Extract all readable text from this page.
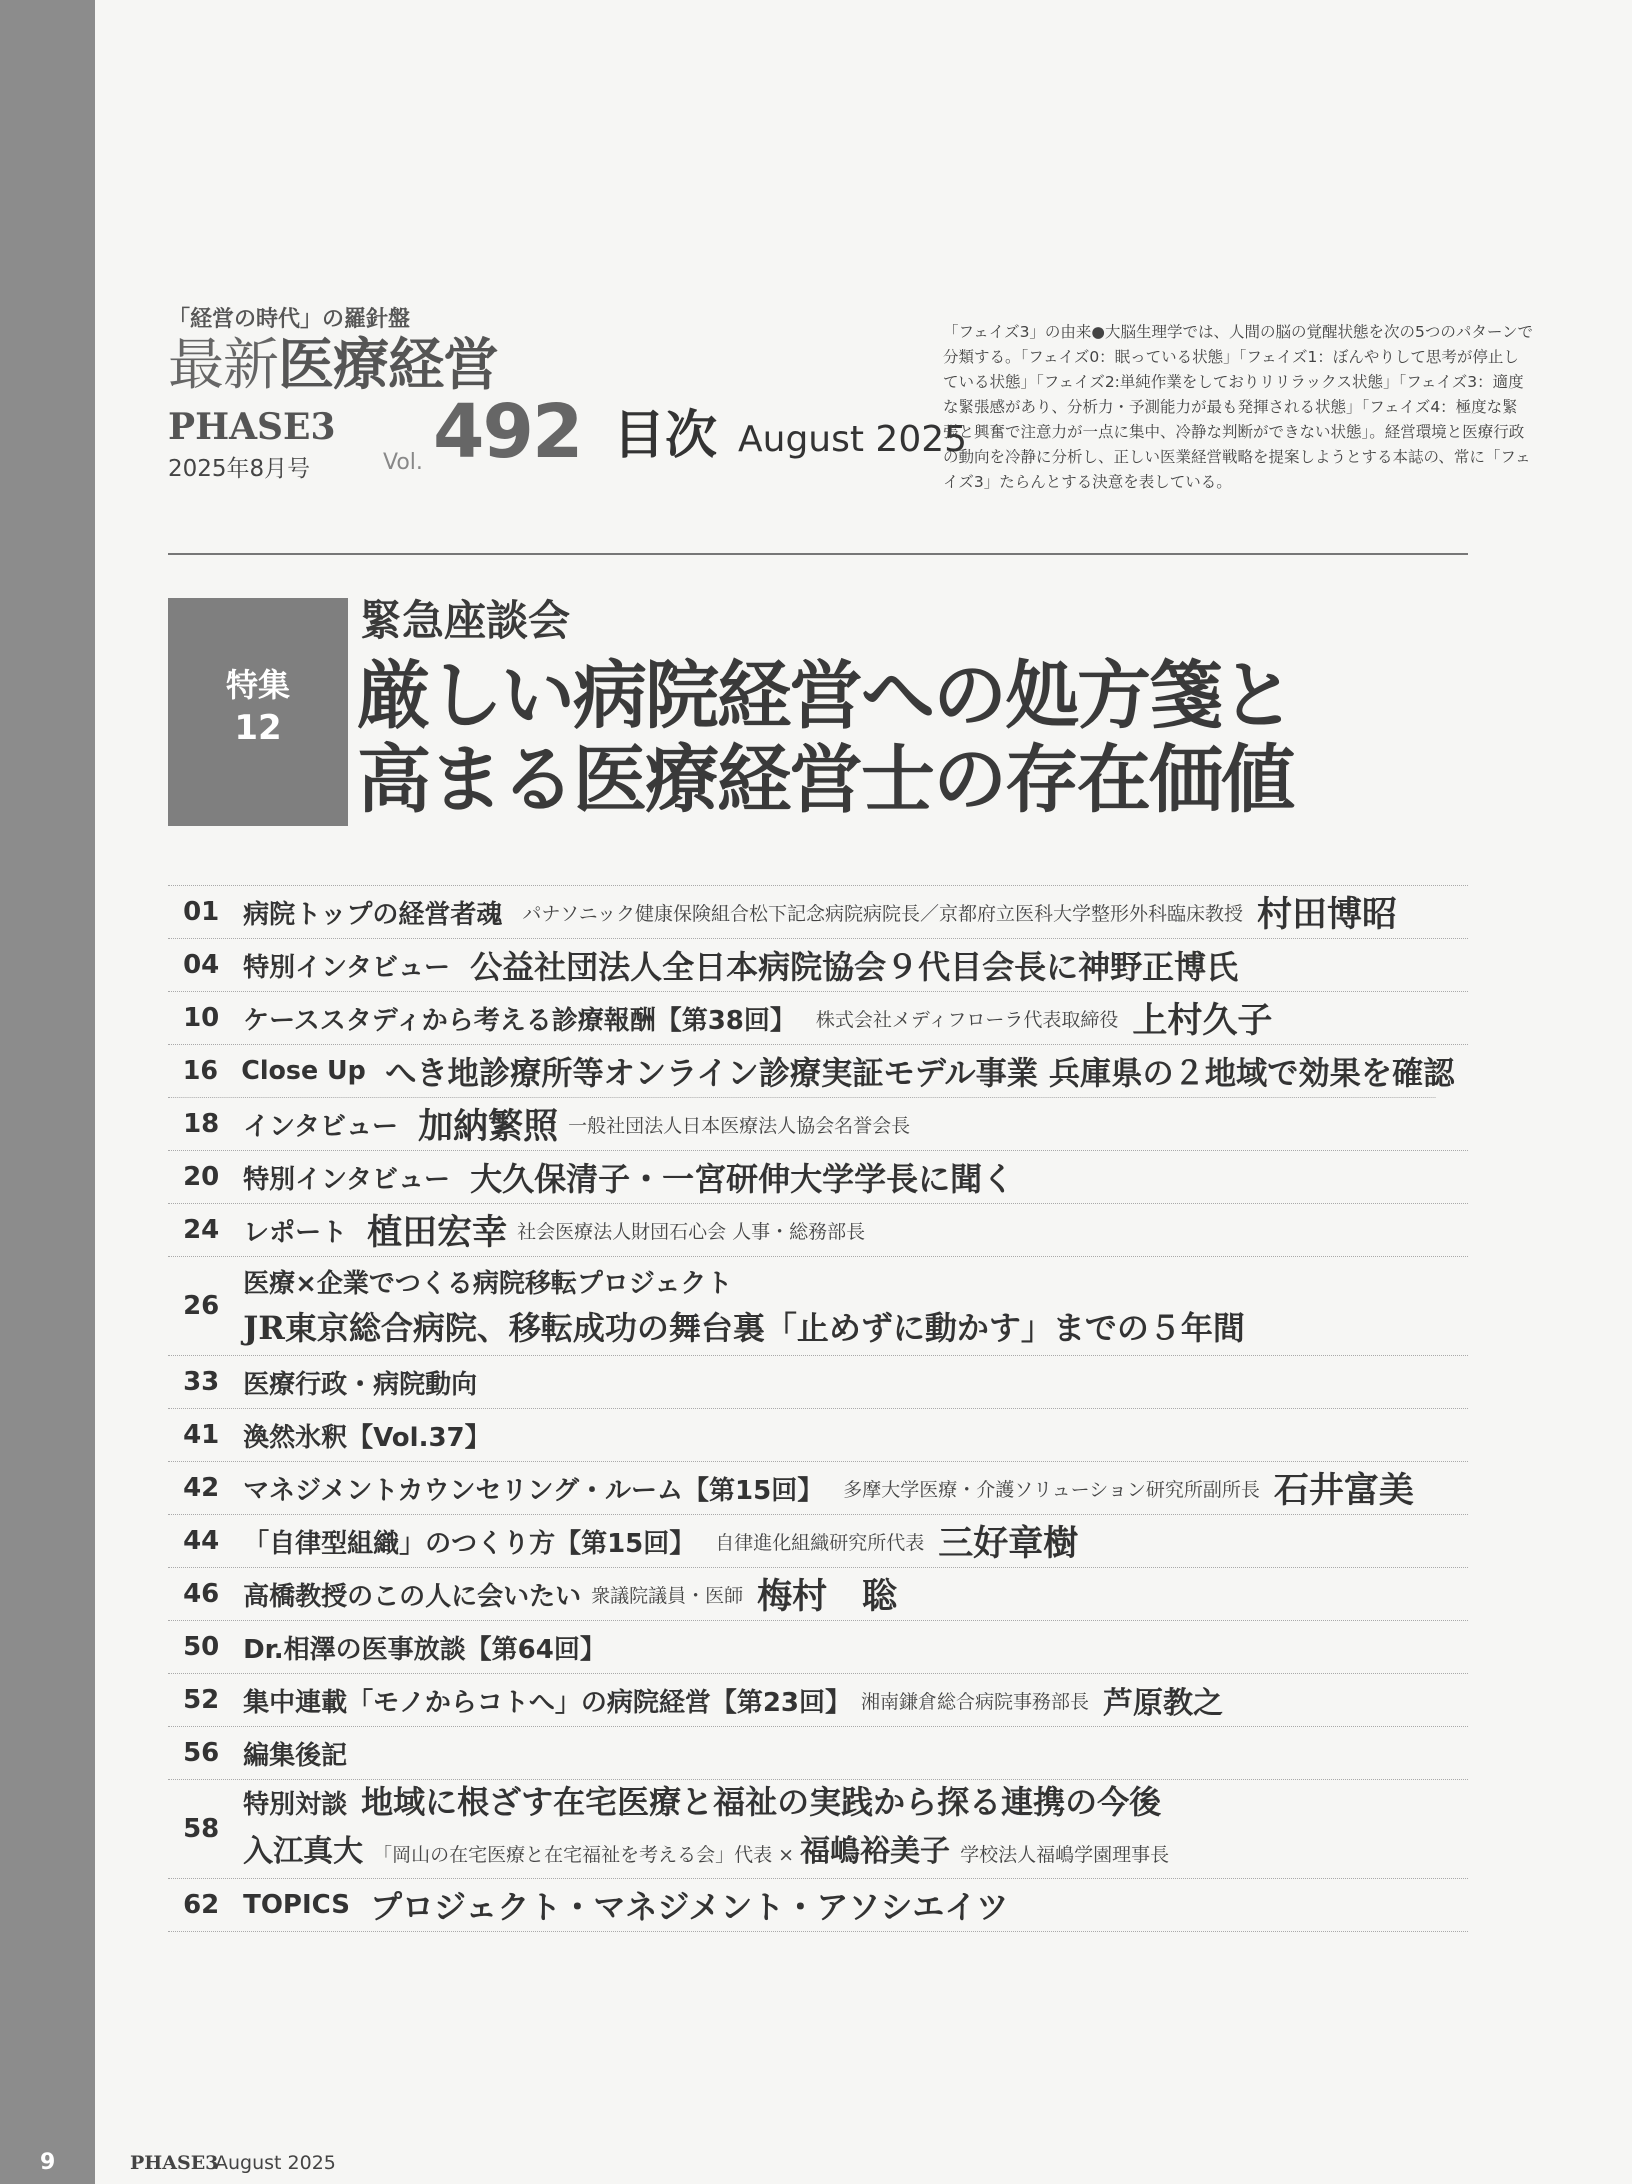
「経営の時代」の羅針盤
最新医療経営
PHASE3
2025年8月号	Vol. 492 目次 August 2025
「フェイズ3」の由来●大脳生理学では、人間の脳の覚醒状態を次の5つのパターンで分類する。「フェイズ0：眠っている状態」「フェイズ1：ぼんやりして思考が停止している状態」「フェイズ2:単純作業をしておりリリラックス状態」「フェイズ3：適度な緊張感があり、分析力・予測能力が最も発揮される状態」「フェイズ4：極度な緊張と興奮で注意力が一点に集中、冷静な判断ができない状態」。経営環境と医療行政の動向を冷静に分析し、正しい医業経営戦略を提案しようとする本誌の、常に「フェイズ3」たらんとする決意を表している。
特集
12
緊急座談会
厳しい病院経営への処方箋と
高まる医療経営士の存在価値
01 病院トップの経営者魂 パナソニック健康保険組合松下記念病院病院長／京都府立医科大学整形外科臨床教授 村田博昭
04 特別インタビュー 公益社団法人全日本病院協会９代目会長に神野正博氏
10 ケーススタディから考える診療報酬【第38回】 株式会社メディフローラ代表取締役 上村久子
16 Close Up へき地診療所等オンライン診療実証モデル事業 兵庫県の２地域で効果を確認
18 インタビュー 加納繁照 一般社団法人日本医療法人協会名誉会長
20 特別インタビュー 大久保清子・一宮研伸大学学長に聞く
24 レポート 植田宏幸 社会医療法人財団石心会 人事・総務部長
26
医療×企業でつくる病院移転プロジェクト
JR東京総合病院、移転成功の舞台裏「止めずに動かす」までの５年間
33 医療行政・病院動向
41 渙然氷釈【Vol.37】
42 マネジメントカウンセリング・ルーム【第15回】 多摩大学医療・介護ソリューション研究所副所長 石井富美
44 「自律型組織」のつくり方【第15回】 自律進化組織研究所代表 三好章樹
46 高橋教授のこの人に会いたい 衆議院議員・医師 梅村　聡
50 Dr.相澤の医事放談【第64回】
52 集中連載「モノからコトへ」の病院経営【第23回】 湘南鎌倉総合病院事務部長 芦原教之
56 編集後記
58
特別対談 地域に根ざす在宅医療と福祉の実践から探る連携の今後
入江真大 「岡山の在宅医療と在宅福祉を考える会」代表 × 福嶋裕美子 学校法人福嶋学園理事長
62 TOPICS プロジェクト・マネジメント・アソシエイツ
9	PHASE3
August 2025
